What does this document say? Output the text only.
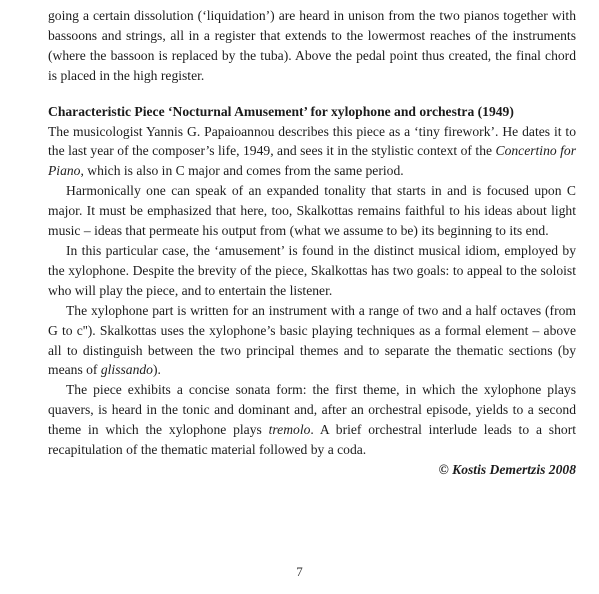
going a certain dissolution (‘liquidation’) are heard in unison from the two pianos together with bassoons and strings, all in a register that extends to the lowermost reaches of the instruments (where the bassoon is replaced by the tuba). Above the pedal point thus created, the final chord is placed in the high register.

Characteristic Piece ‘Nocturnal Amusement’ for xylophone and orchestra (1949)

The musicologist Yannis G. Papaioannou describes this piece as a ‘tiny firework’. He dates it to the last year of the composer’s life, 1949, and sees it in the stylistic context of the Concertino for Piano, which is also in C major and comes from the same period.

Harmonically one can speak of an expanded tonality that starts in and is focused upon C major. It must be emphasized that here, too, Skalkottas remains faithful to his ideas about light music – ideas that permeate his output from (what we assume to be) its beginning to its end.

In this particular case, the ‘amusement’ is found in the distinct musical idiom, employed by the xylophone. Despite the brevity of the piece, Skalkottas has two goals: to appeal to the soloist who will play the piece, and to entertain the listener.

The xylophone part is written for an instrument with a range of two and a half octaves (from G to c''). Skalkottas uses the xylophone’s basic playing techniques as a formal element – above all to distinguish between the two principal themes and to separate the thematic sections (by means of glissando).

The piece exhibits a concise sonata form: the first theme, in which the xylophone plays quavers, is heard in the tonic and dominant and, after an orchestral episode, yields to a second theme in which the xylophone plays tremolo. A brief orchestral interlude leads to a short recapitulation of the thematic material followed by a coda.

© Kostis Demertzis 2008

7
